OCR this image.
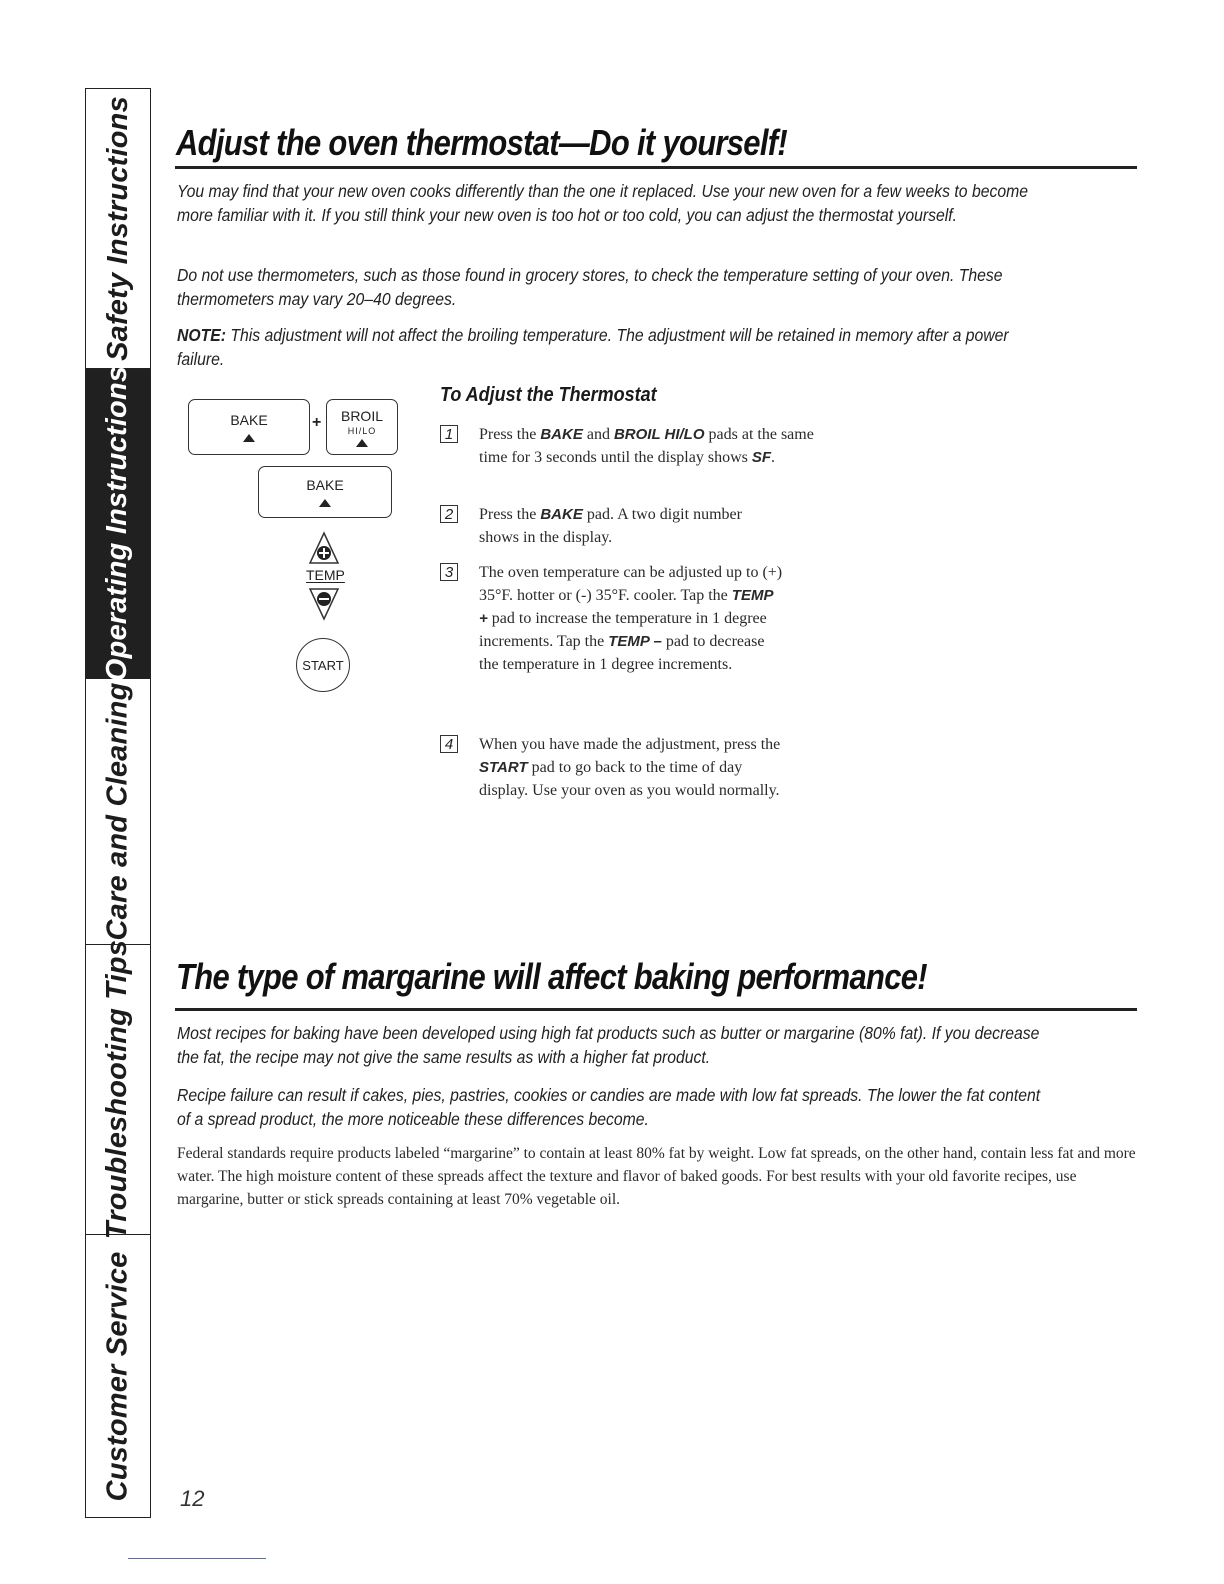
Safety Instructions
Operating Instructions
Care and Cleaning
Troubleshooting Tips
Customer Service
Adjust the oven thermostat—Do it yourself!

You may find that your new oven cooks differently than the one it replaced. Use your new oven for a few weeks to become more familiar with it. If you still think your new oven is too hot or too cold, you can adjust the thermostat yourself.

Do not use thermometers, such as those found in grocery stores, to check the temperature setting of your oven. These thermometers may vary 20–40 degrees.

NOTE: This adjustment will not affect the broiling temperature. The adjustment will be retained in memory after a power failure.

BAKE	+ BROIL
HI/LO
BAKE
TEMP
START
To Adjust the Thermostat
1	Press the BAKE and BROIL HI/LO pads at the same time for 3 seconds until the display shows SF.
2	Press the BAKE pad. A two digit number shows in the display.
3	The oven temperature can be adjusted up to (+) 35°F. hotter or (-) 35°F. cooler. Tap the TEMP + pad to increase the temperature in 1 degree increments. Tap the TEMP – pad to decrease the temperature in 1 degree increments.
4	When you have made the adjustment, press the START pad to go back to the time of day display. Use your oven as you would normally.
The type of margarine will affect baking performance!

Most recipes for baking have been developed using high fat products such as butter or margarine (80% fat). If you decrease the fat, the recipe may not give the same results as with a higher fat product.

Recipe failure can result if cakes, pies, pastries, cookies or candies are made with low fat spreads. The lower the fat content of a spread product, the more noticeable these differences become.

Federal standards require products labeled “margarine” to contain at least 80% fat by weight. Low fat spreads, on the other hand, contain less fat and more water. The high moisture content of these spreads affect the texture and flavor of baked goods. For best results with your old favorite recipes, use margarine, butter or stick spreads containing at least 70% vegetable oil.

12
